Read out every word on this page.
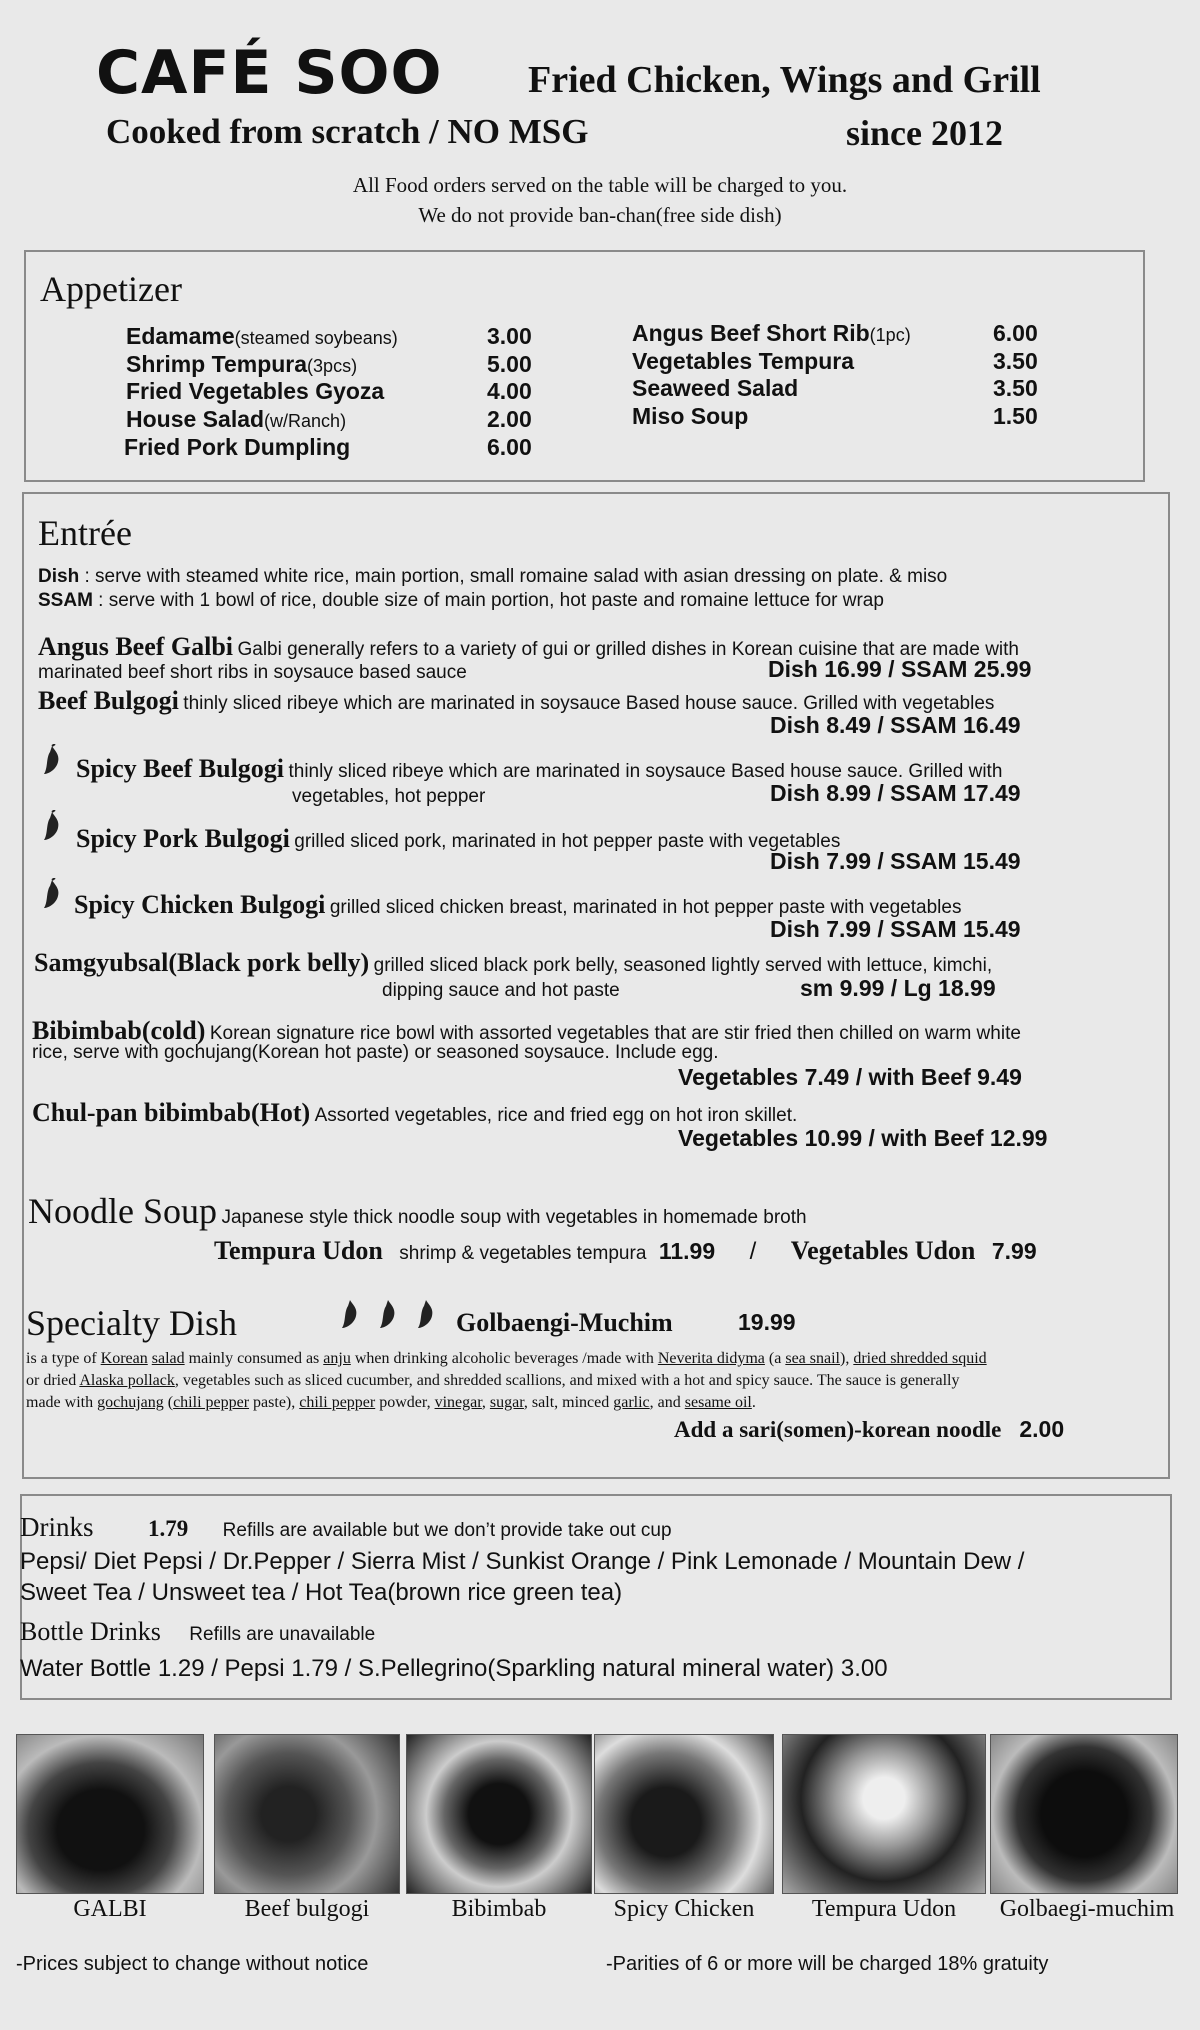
CAFÉ SOO Fried Chicken, Wings and Grill
Cooked from scratch / NO MSG	since 2012
All Food orders served on the table will be charged to you.
We do not provide ban-chan(free side dish)
Appetizer
Edamame(steamed soybeans)	3.00
Shrimp Tempura(3pcs)	5.00
Fried Vegetables Gyoza	4.00
House Salad(w/Ranch)	2.00
Fried Pork Dumpling	6.00
Angus Beef Short Rib(1pc)	6.00
Vegetables Tempura	3.50
Seaweed Salad	3.50
Miso Soup	1.50
Entrée
Dish : serve with steamed white rice, main portion, small romaine salad with asian dressing on plate. & miso
SSAM : serve with 1 bowl of rice, double size of main portion, hot paste and romaine lettuce for wrap
Angus Beef Galbi Galbi generally refers to a variety of gui or grilled dishes in Korean cuisine that are made with
marinated beef short ribs in soysauce based sauce	Dish 16.99 / SSAM 25.99
Beef Bulgogi thinly sliced ribeye which are marinated in soysauce Based house sauce. Grilled with vegetables
Dish 8.49 / SSAM 16.49
Spicy Beef Bulgogi thinly sliced ribeye which are marinated in soysauce Based house sauce. Grilled with
vegetables, hot pepper	Dish 8.99 / SSAM 17.49
Spicy Pork Bulgogi grilled sliced pork, marinated in hot pepper paste with vegetables
Dish 7.99 / SSAM 15.49
Spicy Chicken Bulgogi grilled sliced chicken breast, marinated in hot pepper paste with vegetables
Dish 7.99 / SSAM 15.49
Samgyubsal(Black pork belly) grilled sliced black pork belly, seasoned lightly served with lettuce, kimchi,
dipping sauce and hot paste	sm 9.99 / Lg 18.99
Bibimbab(cold) Korean signature rice bowl with assorted vegetables that are stir fried then chilled on warm white
rice, serve with gochujang(Korean hot paste) or seasoned soysauce. Include egg.
Vegetables 7.49 / with Beef 9.49
Chul-pan bibimbab(Hot) Assorted vegetables, rice and fried egg on hot iron skillet.
Vegetables 10.99 / with Beef 12.99
Noodle Soup Japanese style thick noodle soup with vegetables in homemade broth
Tempura Udon shrimp & vegetables tempura 11.99 / Vegetables Udon 7.99
Specialty Dish	Golbaengi-Muchim	19.99
is a type of Korean salad mainly consumed as anju when drinking alcoholic beverages /made with Neverita didyma (a sea snail), dried shredded squid
or dried Alaska pollack, vegetables such as sliced cucumber, and shredded scallions, and mixed with a hot and spicy sauce. The sauce is generally
made with gochujang (chili pepper paste), chili pepper powder, vinegar, sugar, salt, minced garlic, and sesame oil.
Add a sari(somen)-korean noodle 2.00
Drinks 1.79 Refills are available but we don’t provide take out cup
Pepsi/ Diet Pepsi / Dr.Pepper / Sierra Mist / Sunkist Orange / Pink Lemonade / Mountain Dew /
Sweet Tea / Unsweet tea / Hot Tea(brown rice green tea)
Bottle Drinks Refills are unavailable
Water Bottle 1.29 / Pepsi 1.79 / S.Pellegrino(Sparkling natural mineral water) 3.00
GALBI	Beef bulgogi	Bibimbab	Spicy Chicken	Tempura Udon	Golbaegi-muchim
-Prices subject to change without notice	-Parities of 6 or more will be charged 18% gratuity
